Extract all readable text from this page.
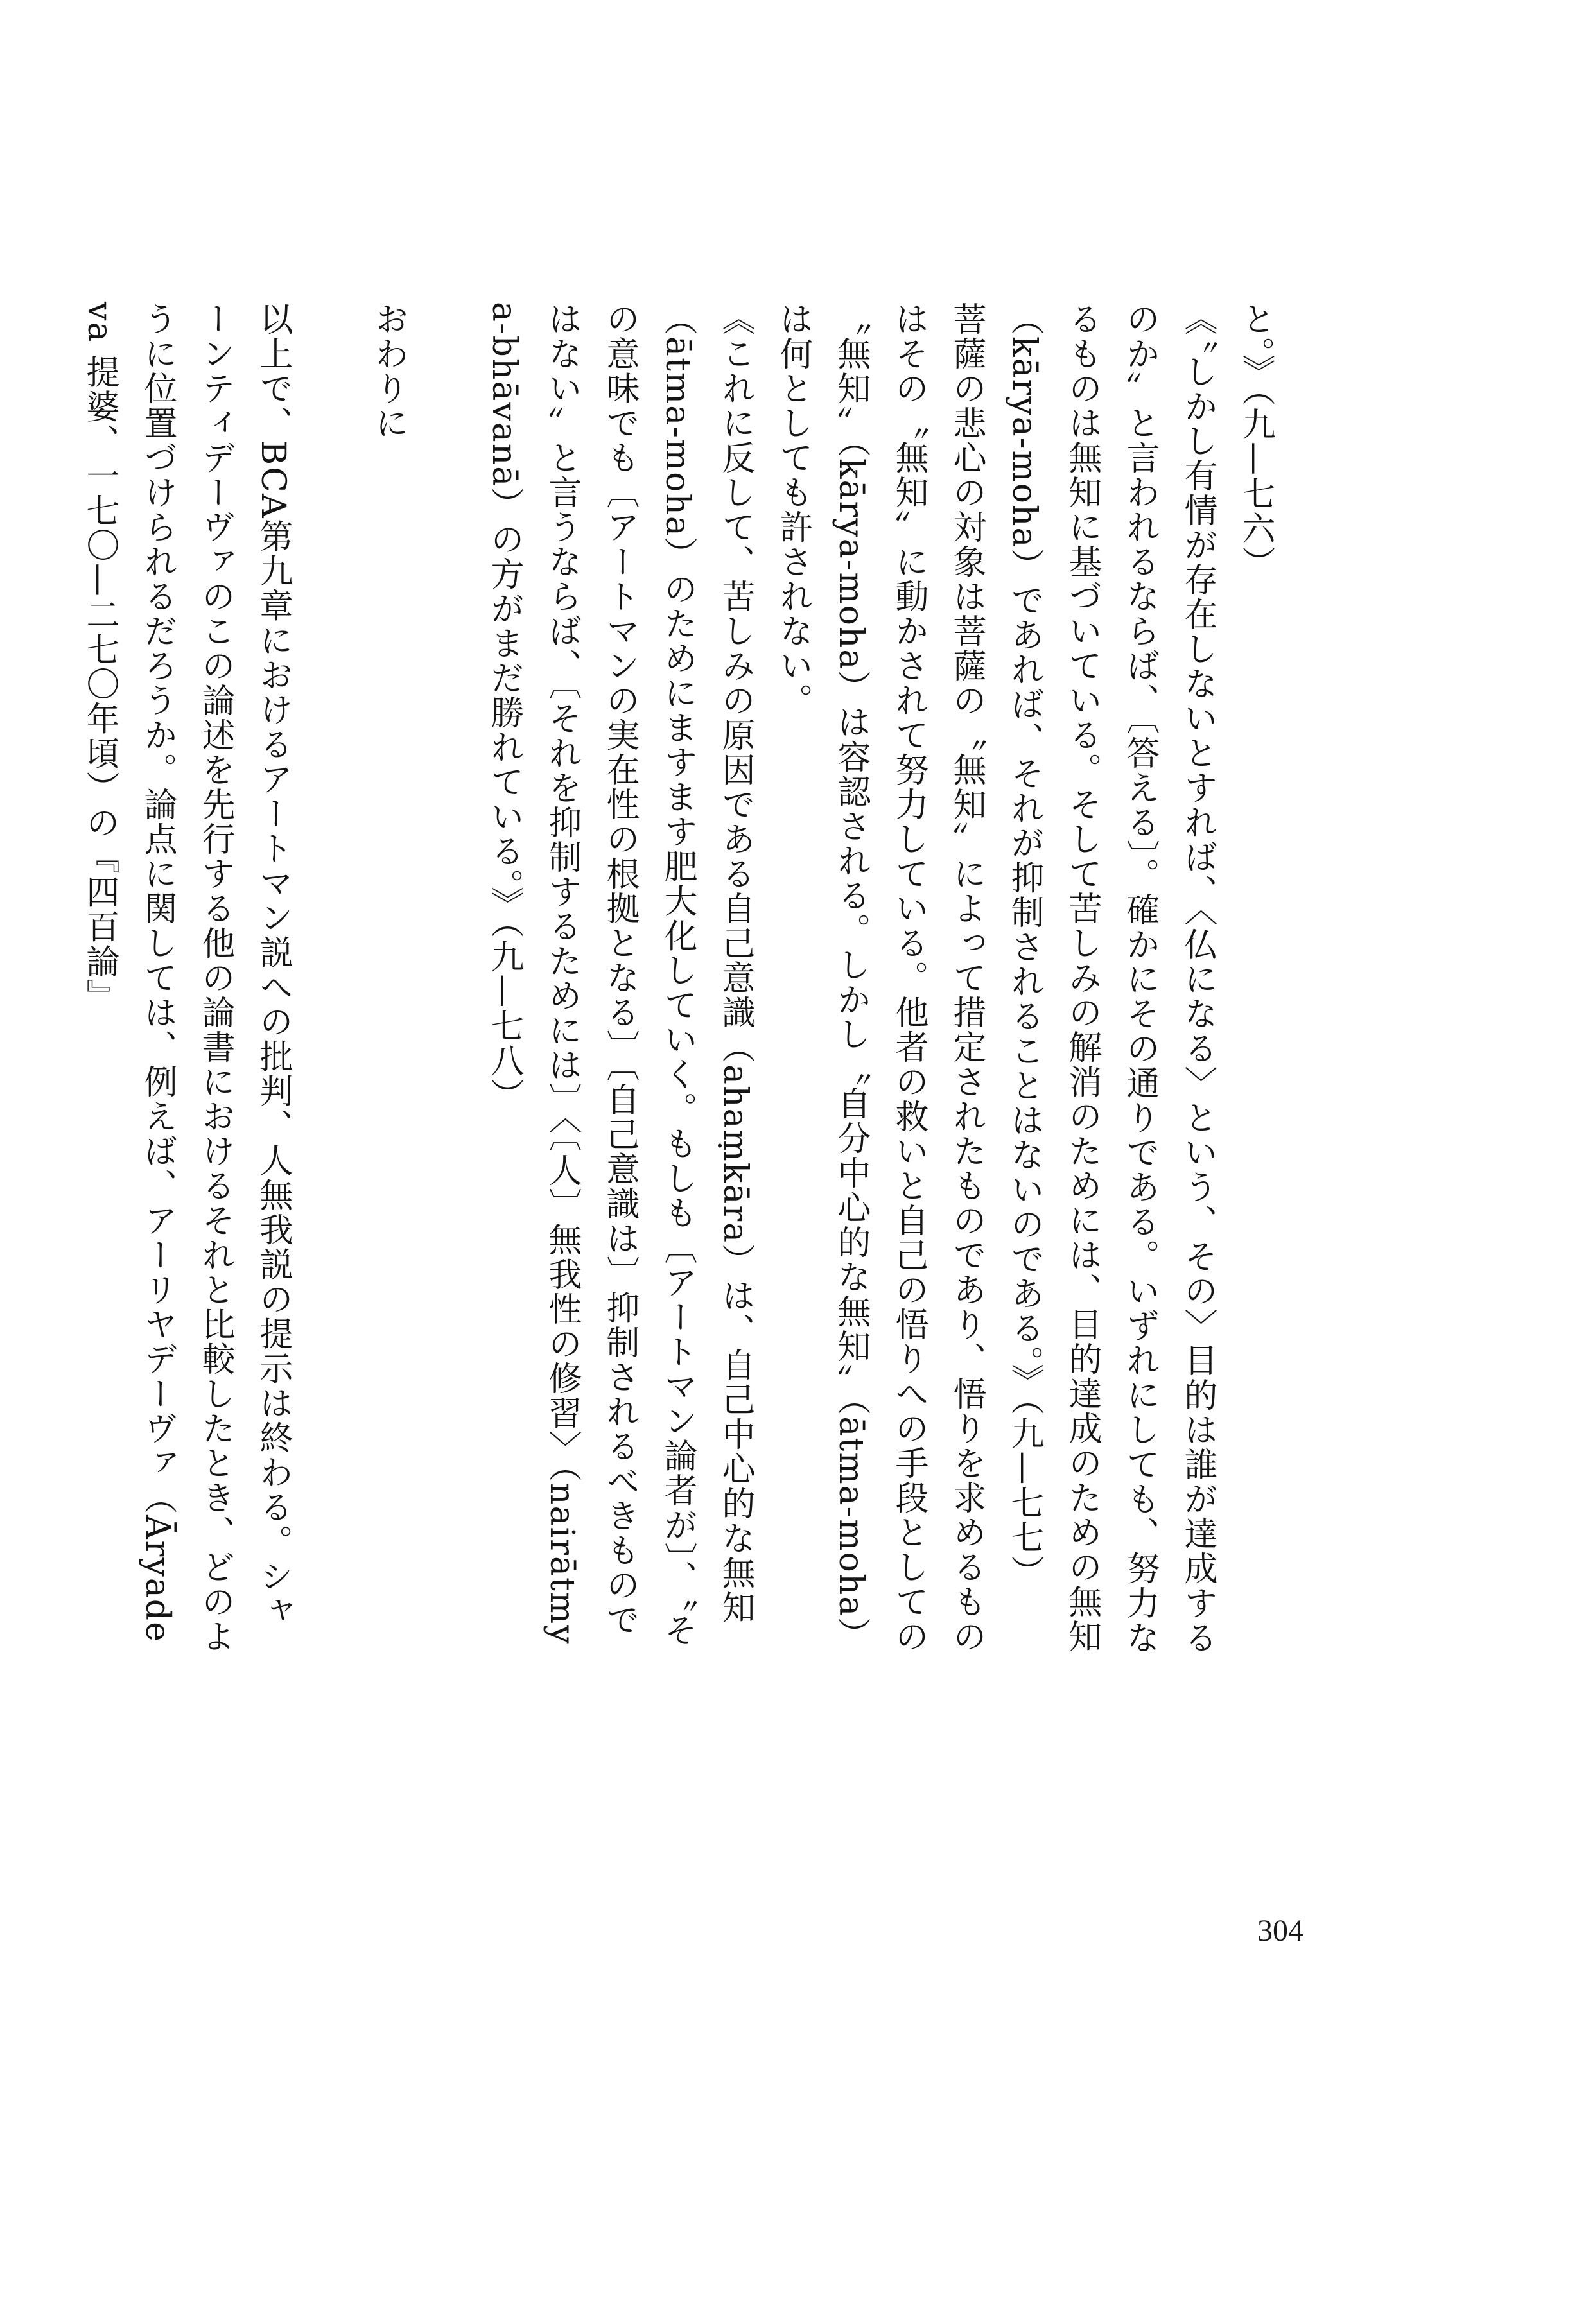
と。》（九—七六）

《〝しかし有情が存在しないとすれば、〈仏になる〉という、その〉目的は誰が達成するのか〟と言われるならば、〔答える〕。確かにその通りである。いずれにしても、努力なるものは無知に基づいている。そして苦しみの解消のためには、目的達成のための無知（kārya-moha）であれば、それが抑制されることはないのである。》（九—七七）

菩薩の悲心の対象は菩薩の〝無知〟によって措定されたものであり、悟りを求めるものはその〝無知〟に動かされて努力している。他者の救いと自己の悟りへの手段としての〝無知〟（kārya-moha）は容認される。しかし〝自分中心的な無知〟（ātma-moha）は何としても許されない。

《これに反して、苦しみの原因である自己意識（ahaṃkāra）は、自己中心的な無知（ātma-moha）のためにますます肥大化していく。もしも〔アートマン論者が〕、〝その意味でも〔アートマンの実在性の根拠となる〕〔自己意識は〕抑制されるべきものではない〟と言うならば、〔それを抑制するためには〕〈〔人〕無我性の修習〉（nairātmya-bhāvanā）の方がまだ勝れている。》（九—七八）

おわりに

以上で、BCA第九章におけるアートマン説への批判、人無我説の提示は終わる。シャーンティデーヴァのこの論述を先行する他の論書におけるそれと比較したとき、どのように位置づけられるだろうか。論点に関しては、例えば、アーリヤデーヴァ（Āryadeva 提婆、一七〇—二七〇年頃）の『四百論』

304
